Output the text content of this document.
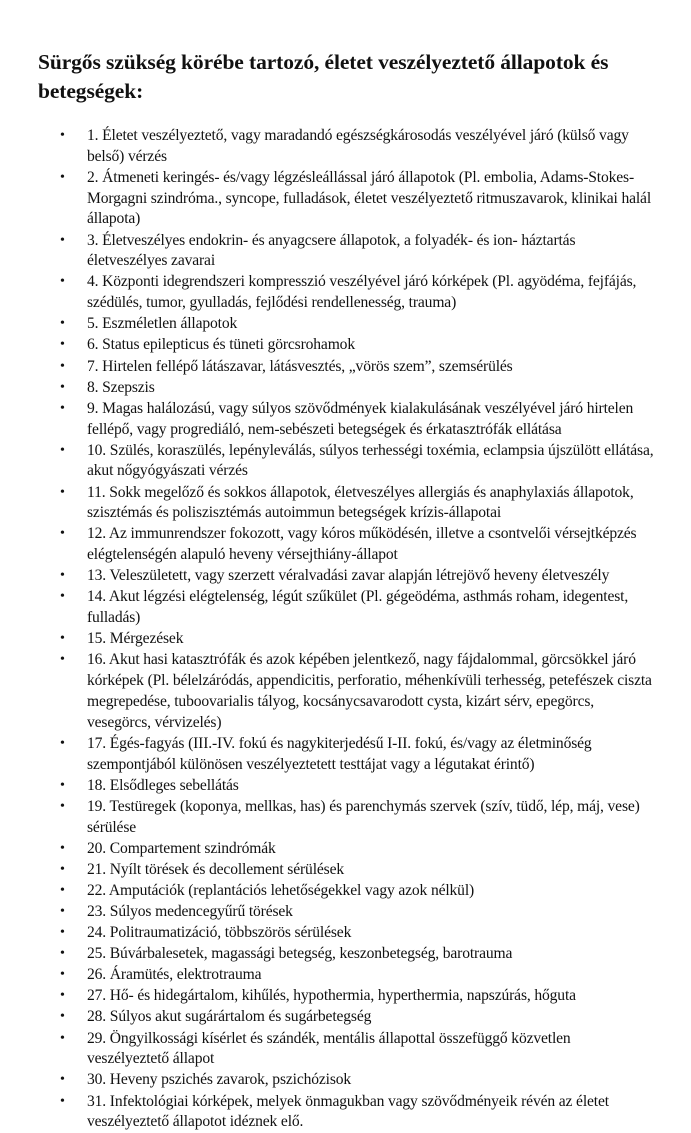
Sürgős szükség körébe tartozó, életet veszélyeztető állapotok és betegségek:
• 1. Életet veszélyeztető, vagy maradandó egészségkárosodás veszélyével járó (külső vagy belső) vérzés
• 2. Átmeneti keringés- és/vagy légzésleállással járó állapotok (Pl. embolia, Adams-Stokes-Morgagni szindróma., syncope, fulladások, életet veszélyeztető ritmuszavarok, klinikai halál állapota)
• 3. Életveszélyes endokrin- és anyagcsere állapotok, a folyadék- és ion- háztartás életveszélyes zavarai
• 4. Központi idegrendszeri kompresszió veszélyével járó kórképek (Pl. agyödéma, fejfájás, szédülés, tumor, gyulladás, fejlődési rendellenesség, trauma)
• 5. Eszméletlen állapotok
• 6. Status epilepticus és tüneti görcsrohamok
• 7. Hirtelen fellépő látászavar, látásvesztés, „vörös szem”, szemsérülés
• 8. Szepszis
• 9. Magas halálozású, vagy súlyos szövődmények kialakulásának veszélyével járó hirtelen fellépő, vagy progrediáló, nem-sebészeti betegségek és érkatasztrófák ellátása
• 10. Szülés, koraszülés, lepényleválás, súlyos terhességi toxémia, eclampsia újszülött ellátása, akut nőgyógyászati vérzés
• 11. Sokk megelőző és sokkos állapotok, életveszélyes allergiás és anaphylaxiás állapotok, szisztémás és poliszisztémás autoimmun betegségek krízis-állapotai
• 12. Az immunrendszer fokozott, vagy kóros működésén, illetve a csontvelői vérsejtképzés elégtelenségén alapuló heveny vérsejthiány-állapot
• 13. Veleszületett, vagy szerzett véralvadási zavar alapján létrejövő heveny életveszély
• 14. Akut légzési elégtelenség, légút szűkület (Pl. gégeödéma, asthmás roham, idegentest, fulladás)
• 15. Mérgezések
• 16. Akut hasi katasztrófák és azok képében jelentkező, nagy fájdalommal, görcsökkel járó kórképek (Pl. bélelzáródás, appendicitis, perforatio, méhenkívüli terhesség, petefészek ciszta megrepedése, tuboovarialis tályog, kocsánycsavarodott cysta, kizárt sérv, epegörcs, vesegörcs, vérvizelés)
• 17. Égés-fagyás (III.-IV. fokú és nagykiterjedésű I-II. fokú, és/vagy az életminőség szempontjából különösen veszélyeztetett testtájat vagy a légutakat érintő)
• 18. Elsődleges sebellátás
• 19. Testüregek (koponya, mellkas, has) és parenchymás szervek (szív, tüdő, lép, máj, vese) sérülése
• 20. Compartement szindrómák
• 21. Nyílt törések és decollement sérülések
• 22. Amputációk (replantációs lehetőségekkel vagy azok nélkül)
• 23. Súlyos medencegyűrű törések
• 24. Politraumatizáció, többszörös sérülések
• 25. Búvárbalesetek, magassági betegség, keszonbetegség, barotrauma
• 26. Áramütés, elektrotrauma
• 27. Hő- és hidegártalom, kihűlés, hypothermia, hyperthermia, napszúrás, hőguta
• 28. Súlyos akut sugárártalom és sugárbetegség
• 29. Öngyilkossági kísérlet és szándék, mentális állapottal összefüggő közvetlen veszélyeztető állapot
• 30. Heveny pszichés zavarok, pszichózisok
• 31. Infektológiai kórképek, melyek önmagukban vagy szövődményeik révén az életet veszélyeztető állapotot idéznek elő.
